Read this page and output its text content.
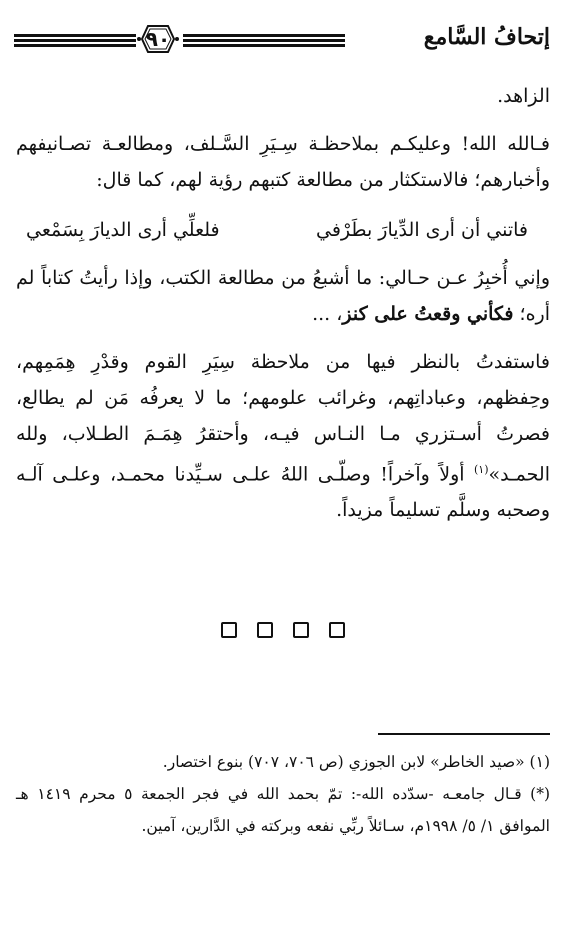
٩٠	إتحافُ السَّامع

الزاهد.

فـالله الله! وعليكـم بملاحظـة سِـيَرِ السَّـلف، ومطالعـة تصـانيفهم وأخبارهم؛ فالاستكثار من مطالعة كتبهم رؤية لهم، كما قال:

فاتني أن أرى الدِّيارَ بطَرْفي
فلعلِّي أرى الديارَ بِسَمْعي

وإني أُخبِرُ عـن حـالي: ما أشبعُ من مطالعة الكتب، وإذا رأيتُ كتاباً لم أره؛ فكأني وقعتُ على كنز، ...

فاستفدتُ بالنظر فيها من ملاحظة سِيَرِ القوم وقدْرِ هِمَمِهم، وحِفظهم، وعباداتِهم، وغرائب علومهم؛ ما لا يعرفُه مَن لم يطالع، فصرتُ أسـتزري مـا النـاس فيـه، وأحتقرُ هِمَـمَ الطـلاب، ولله الحمـد»$^{(١)}$ أولاً وآخراً! وصلّـى اللهُ علـى سـيِّدنا محمـد، وعلـى آلـه وصحبه وسلَّم تسليماً مزيداً.

(١) «صيد الخاطر» لابن الجوزي (ص ٧٠٦، ٧٠٧) بنوع اختصار.

(*) قـال جامعـه -سدّده الله-: تمّ بحمد الله في فجر الجمعة ٥ محرم ١٤١٩ هـ الموافق ١/ ٥/ ١٩٩٨م، سـائلاً ربِّي نفعه وبركته في الدَّارين، آمين.
